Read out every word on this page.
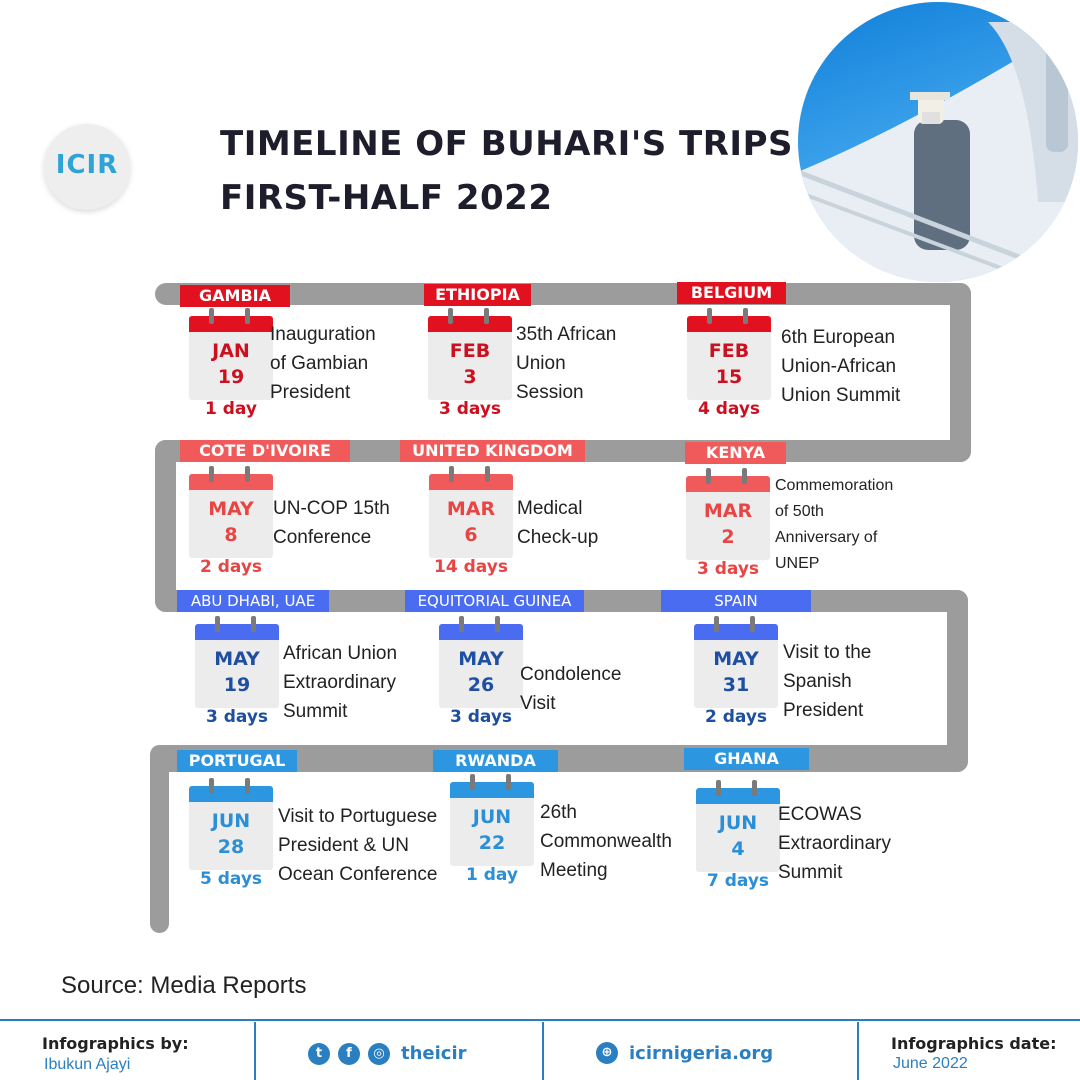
ICIR
TIMELINE OF BUHARI'S TRIPS
FIRST-HALF 2022
GAMBIA
JAN
19
1 day
Inauguration
of Gambian
President
ETHIOPIA
FEB
3
3 days
35th African
Union
Session
BELGIUM
FEB
15
4 days
6th European
Union-African
Union Summit
COTE D'IVOIRE
MAY
8
2 days
UN-COP 15th
Conference
UNITED KINGDOM
MAR
6
14 days
Medical
Check-up
KENYA
MAR
2
3 days
Commemoration
of 50th
Anniversary of
UNEP
ABU DHABI, UAE
MAY
19
3 days
African Union
Extraordinary
Summit
EQUITORIAL GUINEA
MAY
26
3 days
Condolence
Visit
SPAIN
MAY
31
2 days
Visit to the
Spanish
President
PORTUGAL
JUN
28
5 days
Visit to Portuguese
President & UN
Ocean Conference
RWANDA
JUN
22
1 day
26th
Commonwealth
Meeting
GHANA
JUN
4
7 days
ECOWAS
Extraordinary
Summit
Source: Media Reports
Infographics by:
Ibukun Ajayi
t	f	◎ theicir	⊕ icirnigeria.org	Infographics date:
June 2022
